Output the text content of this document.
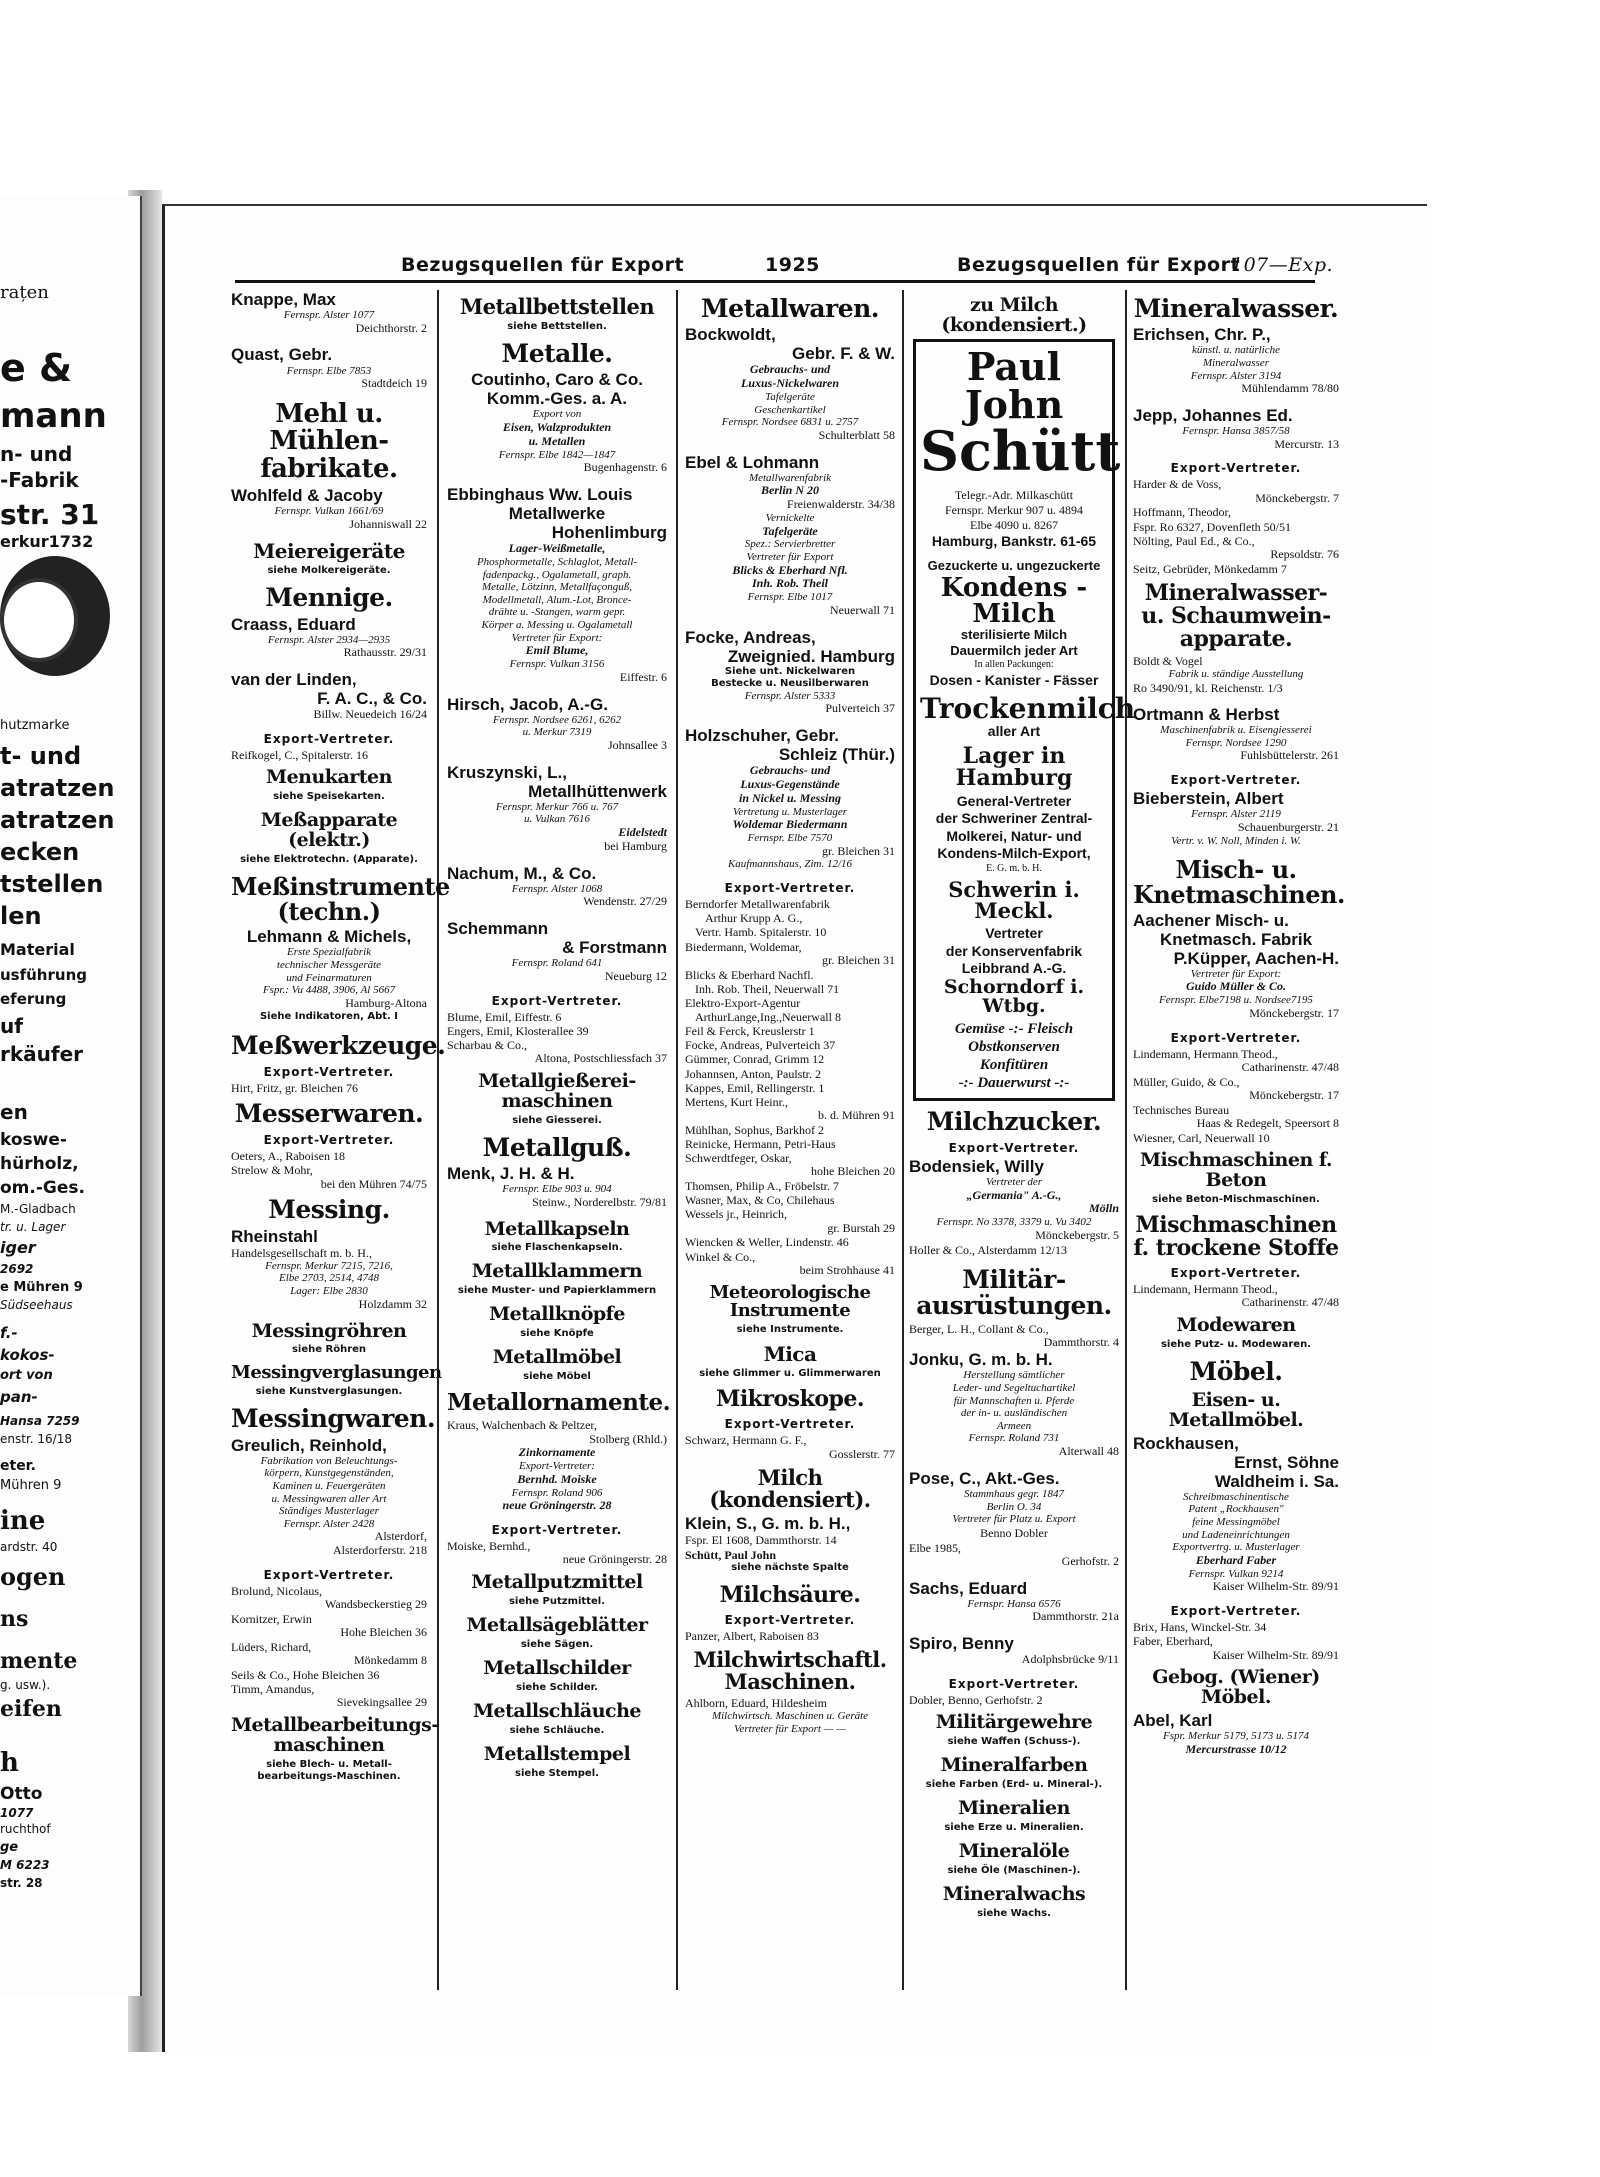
rațen
e &
mann
n- und
-Fabrik
str. 31
erkur1732
hutzmarke
t- und
atratzen
atratzen
ecken
tstellen
len
Material
usführung
eferung
uf
rkäufer
en
koswe-
hürholz,
om.-Ges.
M.-Gladbach
tr. u. Lager
iger
2692
e Mühren 9
Südseehaus
f.-
kokos-
ort von
pan-
Hansa 7259
enstr. 16/18
eter.
Mühren 9
ine
ardstr. 40
ogen
ns
mente
g. usw.).
eifen
h
Otto
1077
ruchthof
ge
M 6223
str. 28
Bezugsquellen für Export	1925	Bezugsquellen für Export
107—Exp.
Knappe, Max
Fernspr. Alster 1077
Deichthorstr. 2
Quast, Gebr.
Fernspr. Elbe 7853
Stadtdeich 19
Mehl u. Mühlen- fabrikate.
Wohlfeld & Jacoby
Fernspr. Vulkan 1661/69
Johanniswall 22
Meiereigeräte
siehe Molkereigeräte.
Mennige.
Craass, Eduard
Fernspr. Alster 2934—2935
Rathausstr. 29/31
van der Linden,
F. A. C., & Co.
Billw. Neuedeich 16/24
Export-Vertreter.
Reifkogel, C., Spitalerstr. 16
Menukarten
siehe Speisekarten.
Meßapparate (elektr.)
siehe Elektrotechn. (Apparate).
Meßinstrumente (techn.)
Lehmann & Michels,
Erste Spezialfabrik
technischer Messgeräte
und Feinarmaturen
Fspr.: Vu 4488, 3906, Al 5667
Hamburg-Altona
Siehe Indikatoren, Abt. I
Meßwerkzeuge.
Export-Vertreter.
Hirt, Fritz, gr. Bleichen 76
Messerwaren.
Export-Vertreter.
Oeters, A., Raboisen 18
Strelow & Mohr,
bei den Mühren 74/75
Messing.
Rheinstahl
Handelsgesellschaft m. b. H.,
Fernspr. Merkur 7215, 7216,
Elbe 2703, 2514, 4748
Lager: Elbe 2830
Holzdamm 32
Messingröhren
siehe Röhren
Messingverglasungen
siehe Kunstverglasungen.
Messingwaren.
Greulich, Reinhold,
Fabrikation von Beleuchtungs-
körpern, Kunstgegenständen,
Kaminen u. Feuergeräten
u. Messingwaren aller Art
Ständiges Musterlager
Fernspr. Alster 2428
Alsterdorf,
Alsterdorferstr. 218
Export-Vertreter.
Brolund, Nicolaus,
Wandsbeckerstieg 29
Kornitzer, Erwin
Hohe Bleichen 36
Lüders, Richard,
Mönkedamm 8
Seils & Co., Hohe Bleichen 36
Timm, Amandus,
Sievekingsallee 29
Metallbearbeitungs- maschinen
siehe Blech- u. Metall- bearbeitungs-Maschinen.
Metallbettstellen
siehe Bettstellen.
Metalle.
Coutinho, Caro & Co.
Komm.-Ges. a. A.
Export von
Eisen, Walzprodukten
u. Metallen
Fernspr. Elbe 1842—1847
Bugenhagenstr. 6
Ebbinghaus Ww. Louis
Metallwerke
Hohenlimburg
Lager-Weißmetalle,
Phosphormetalle, Schlaglot, Metall-
fadenpackg., Ogalametall, graph.
Metalle, Lötzinn, Metallfaçonguß,
Modellmetall, Alum.-Lot, Bronce-
drähte u. -Stangen, warm gepr.
Körper a. Messing u. Ogalametall
Vertreter für Export:
Emil Blume,
Fernspr. Vulkan 3156
Eiffestr. 6
Hirsch, Jacob, A.-G.
Fernspr. Nordsee 6261, 6262
u. Merkur 7319
Johnsallee 3
Kruszynski, L.,
Metallhüttenwerk
Fernspr. Merkur 766 u. 767
u. Vulkan 7616
Eidelstedt
bei Hamburg
Nachum, M., & Co.
Fernspr. Alster 1068
Wendenstr. 27/29
Schemmann
& Forstmann
Fernspr. Roland 641
Neueburg 12
Export-Vertreter.
Blume, Emil, Eiffestr. 6
Engers, Emil, Klosterallee 39
Scharbau & Co.,
Altona, Postschliessfach 37
Metallgießerei- maschinen
siehe Giesserei.
Metallguß.
Menk, J. H. & H.
Fernspr. Elbe 903 u. 904
Steinw., Norderelbstr. 79/81
Metallkapseln
siehe Flaschenkapseln.
Metallklammern
siehe Muster- und Papierklammern
Metallknöpfe
siehe Knöpfe
Metallmöbel
siehe Möbel
Metallornamente.
Kraus, Walchenbach & Peltzer,
Stolberg (Rhld.)
Zinkornamente
Export-Vertreter:
Bernhd. Moiske
Fernspr. Roland 906
neue Gröningerstr. 28
Export-Vertreter.
Moiske, Bernhd.,
neue Gröningerstr. 28
Metallputzmittel
siehe Putzmittel.
Metallsägeblätter
siehe Sägen.
Metallschilder
siehe Schilder.
Metallschläuche
siehe Schläuche.
Metallstempel
siehe Stempel.
Metallwaren.
Bockwoldt,
Gebr. F. & W.
Gebrauchs- und
Luxus-Nickelwaren
Tafelgeräte
Geschenkartikel
Fernspr. Nordsee 6831 u. 2757
Schulterblatt 58
Ebel & Lohmann
Metallwarenfabrik
Berlin N 20
Freienwalderstr. 34/38
Vernickelte
Tafelgeräte
Spez.: Servierbretter
Vertreter für Export
Blicks & Eberhard Nfl.
Inh. Rob. Theil
Fernspr. Elbe 1017
Neuerwall 71
Focke, Andreas,
Zweignied. Hamburg
Siehe unt. Nickelwaren
Bestecke u. Neusilberwaren
Fernspr. Alster 5333
Pulverteich 37
Holzschuher, Gebr.
Schleiz (Thür.)
Gebrauchs- und
Luxus-Gegenstände
in Nickel u. Messing
Vertretung u. Musterlager
Woldemar Biedermann
Fernspr. Elbe 7570
gr. Bleichen 31
Kaufmannshaus, Zim. 12/16
Export-Vertreter.
Berndorfer Metallwarenfabrik
Arthur Krupp A. G.,
Vertr. Hamb. Spitalerstr. 10
Biedermann, Woldemar,
gr. Bleichen 31
Blicks & Eberhard Nachfl.
Inh. Rob. Theil, Neuerwall 71
Elektro-Export-Agentur
ArthurLange,Ing.,Neuerwall 8
Feil & Ferck, Kreuslerstr 1
Focke, Andreas, Pulverteich 37
Gümmer, Conrad, Grimm 12
Johannsen, Anton, Paulstr. 2
Kappes, Emil, Rellingerstr. 1
Mertens, Kurt Heinr.,
b. d. Mühren 91
Mühlhan, Sophus, Barkhof 2
Reinicke, Hermann, Petri-Haus
Schwerdtfeger, Oskar,
hohe Bleichen 20
Thomsen, Philip A., Fröbelstr. 7
Wasner, Max, & Co, Chilehaus
Wessels jr., Heinrich,
gr. Burstah 29
Wiencken & Weller, Lindenstr. 46
Winkel & Co.,
beim Strohhause 41
Meteorologische Instrumente
siehe Instrumente.
Mica
siehe Glimmer u. Glimmerwaren
Mikroskope.
Export-Vertreter.
Schwarz, Hermann G. F.,
Gosslerstr. 77
Milch (kondensiert).
Klein, S., G. m. b. H.,
Fspr. El 1608, Dammthorstr. 14
Schütt, Paul John
siehe nächste Spalte
Milchsäure.
Export-Vertreter.
Panzer, Albert, Raboisen 83
Milchwirtschaftl. Maschinen.
Ahlborn, Eduard, Hildesheim
Milchwirtsch. Maschinen u. Geräte
Vertreter für Export — —
zu Milch (kondensiert.)
Paul John
Schütt
Telegr.-Adr. Milkaschütt
Fernspr. Merkur 907 u. 4894
Elbe 4090 u. 8267
Hamburg, Bankstr. 61-65
Gezuckerte u. ungezuckerte
Kondens - Milch
sterilisierte Milch
Dauermilch jeder Art
In allen Packungen:
Dosen - Kanister - Fässer
Trockenmilch
aller Art
Lager in Hamburg
General-Vertreter
der Schweriner Zentral-
Molkerei, Natur- und
Kondens-Milch-Export,
E. G. m. b. H.
Schwerin i. Meckl.
Vertreter
der Konservenfabrik
Leibbrand A.-G.
Schorndorf i. Wtbg.
Gemüse -:- Fleisch
Obstkonserven
Konfitüren
-:- Dauerwurst -:-
Milchzucker.
Export-Vertreter.
Bodensiek, Willy
Vertreter der
„Germania" A.-G.,
Mölln
Fernspr. No 3378, 3379 u. Vu 3402
Mönckebergstr. 5
Holler & Co., Alsterdamm 12/13
Militär- ausrüstungen.
Berger, L. H., Collant & Co.,
Dammthorstr. 4
Jonku, G. m. b. H.
Herstellung sämtlicher
Leder- und Segeltuchartikel
für Mannschaften u. Pferde
der in- u. ausländischen
Armeen
Fernspr. Roland 731
Alterwall 48
Pose, C., Akt.-Ges.
Stammhaus gegr. 1847
Berlin O. 34
Vertreter für Platz u. Export
Benno Dobler
Elbe 1985,
Gerhofstr. 2
Sachs, Eduard
Fernspr. Hansa 6576
Dammthorstr. 21a
Spiro, Benny
Adolphsbrücke 9/11
Export-Vertreter.
Dobler, Benno, Gerhofstr. 2
Militärgewehre
siehe Waffen (Schuss-).
Mineralfarben
siehe Farben (Erd- u. Mineral-).
Mineralien
siehe Erze u. Mineralien.
Mineralöle
siehe Öle (Maschinen-).
Mineralwachs
siehe Wachs.
Mineralwasser.
Erichsen, Chr. P.,
künstl. u. natürliche
Mineralwasser
Fernspr. Alster 3194
Mühlendamm 78/80
Jepp, Johannes Ed.
Fernspr. Hansa 3857/58
Mercurstr. 13
Export-Vertreter.
Harder & de Voss,
Mönckebergstr. 7
Hoffmann, Theodor,
Fspr. Ro 6327, Dovenfleth 50/51
Nölting, Paul Ed., & Co.,
Repsoldstr. 76
Seitz, Gebrüder, Mönkedamm 7
Mineralwasser- u. Schaumwein- apparate.
Boldt & Vogel
Fabrik u. ständige Ausstellung
Ro 3490/91, kl. Reichenstr. 1/3
Ortmann & Herbst
Maschinenfabrik u. Eisengiesserei
Fernspr. Nordsee 1290
Fuhlsbüttelerstr. 261
Export-Vertreter.
Bieberstein, Albert
Fernspr. Alster 2119
Schauenburgerstr. 21
Vertr. v. W. Noll, Minden i. W.
Misch- u. Knetmaschinen.
Aachener Misch- u.
Knetmasch. Fabrik
P.Küpper, Aachen-H.
Vertreter für Export:
Guido Müller & Co.
Fernspr. Elbe7198 u. Nordsee7195
Mönckebergstr. 17
Export-Vertreter.
Lindemann, Hermann Theod.,
Catharinenstr. 47/48
Müller, Guido, & Co.,
Mönckebergstr. 17
Technisches Bureau
Haas & Redegelt, Speersort 8
Wiesner, Carl, Neuerwall 10
Mischmaschinen f. Beton
siehe Beton-Mischmaschinen.
Mischmaschinen f. trockene Stoffe
Export-Vertreter.
Lindemann, Hermann Theod.,
Catharinenstr. 47/48
Modewaren
siehe Putz- u. Modewaren.
Möbel.
Eisen- u. Metallmöbel.
Rockhausen,
Ernst, Söhne
Waldheim i. Sa.
Schreibmaschinentische
Patent „Rockhausen"
feine Messingmöbel
und Ladeneinrichtungen
Exportvertrg. u. Musterlager
Eberhard Faber
Fernspr. Vulkan 9214
Kaiser Wilhelm-Str. 89/91
Export-Vertreter.
Brix, Hans, Winckel-Str. 34
Faber, Eberhard,
Kaiser Wilhelm-Str. 89/91
Gebog. (Wiener) Möbel.
Abel, Karl
Fspr. Merkur 5179, 5173 u. 5174
Mercurstrasse 10/12
